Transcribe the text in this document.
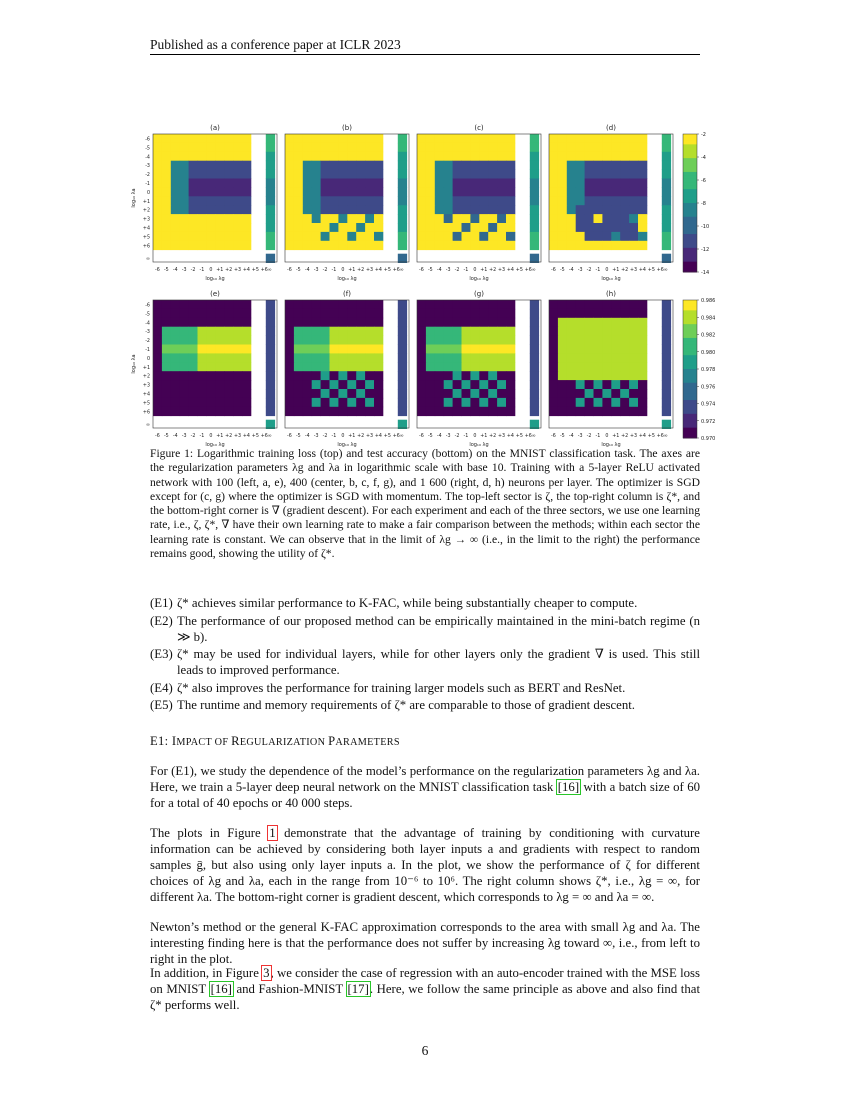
Published as a conference paper at ICLR 2023
(a)
-6 -5 -4 -3 -2 -1 0 +1 +2 +3 +4 +5 +6 ∞
log₁₀ λg
-6
-5
-4
-3
-2
-1
0
+1
+2
+3
+4
+5
+6
∞
log₁₀ λa
(b)
-6 -5 -4 -3 -2 -1 0 +1 +2 +3 +4 +5 +6 ∞
log₁₀ λg
(c)
-6 -5 -4 -3 -2 -1 0 +1 +2 +3 +4 +5 +6 ∞
log₁₀ λg
(d)
-6 -5 -4 -3 -2 -1 0 +1 +2 +3 +4 +5 +6 ∞
log₁₀ λg
-2
-4
-6
-8
-10
-12
-14
(e)
-6 -5 -4 -3 -2 -1 0 +1 +2 +3 +4 +5 +6 ∞
log₁₀ λg
-6
-5
-4
-3
-2
-1
0
+1
+2
+3
+4
+5
+6
∞
log₁₀ λa
(f)
-6 -5 -4 -3 -2 -1 0 +1 +2 +3 +4 +5 +6 ∞
log₁₀ λg
(g)
-6 -5 -4 -3 -2 -1 0 +1 +2 +3 +4 +5 +6 ∞
log₁₀ λg
(h)
-6 -5 -4 -3 -2 -1 0 +1 +2 +3 +4 +5 +6 ∞
log₁₀ λg
0.986
0.984
0.982
0.980
0.978
0.976
0.974
0.972
0.970
Figure 1: Logarithmic training loss (top) and test accuracy (bottom) on the MNIST classification task. The axes are the regularization parameters λg and λa in logarithmic scale with base 10. Training with a 5-layer ReLU activated network with 100 (left, a, e), 400 (center, b, c, f, g), and 1 600 (right, d, h) neurons per layer. The optimizer is SGD except for (c, g) where the optimizer is SGD with momentum. The top-left sector is ζ, the top-right column is ζ*, and the bottom-right corner is ∇ (gradient descent). For each experiment and each of the three sectors, we use one learning rate, i.e., ζ, ζ*, ∇ have their own learning rate to make a fair comparison between the methods; within each sector the learning rate is constant. We can observe that in the limit of λg → ∞ (i.e., in the limit to the right) the performance remains good, showing the utility of ζ*.
(E1) ζ* achieves similar performance to K-FAC, while being substantially cheaper to compute.
(E2) The performance of our proposed method can be empirically maintained in the mini-batch regime (n ≫ b).
(E3) ζ* may be used for individual layers, while for other layers only the gradient ∇ is used. This still leads to improved performance.
(E4) ζ* also improves the performance for training larger models such as BERT and ResNet.
(E5) The runtime and memory requirements of ζ* are comparable to those of gradient descent.
E1: IMPACT OF REGULARIZATION PARAMETERS
For (E1), we study the dependence of the model’s performance on the regularization parameters λg and λa. Here, we train a 5-layer deep neural network on the MNIST classification task [16] with a batch size of 60 for a total of 40 epochs or 40 000 steps.
The plots in Figure 1 demonstrate that the advantage of training by conditioning with curvature information can be achieved by considering both layer inputs a and gradients with respect to random samples ḡ, but also using only layer inputs a. In the plot, we show the performance of ζ for different choices of λg and λa, each in the range from 10⁻⁶ to 10⁶. The right column shows ζ*, i.e., λg = ∞, for different λa. The bottom-right corner is gradient descent, which corresponds to λg = ∞ and λa = ∞.
Newton’s method or the general K-FAC approximation corresponds to the area with small λg and λa. The interesting finding here is that the performance does not suffer by increasing λg toward ∞, i.e., from left to right in the plot.
In addition, in Figure 3, we consider the case of regression with an auto-encoder trained with the MSE loss on MNIST [16] and Fashion-MNIST [17]. Here, we follow the same principle as above and also find that ζ* performs well.
6
